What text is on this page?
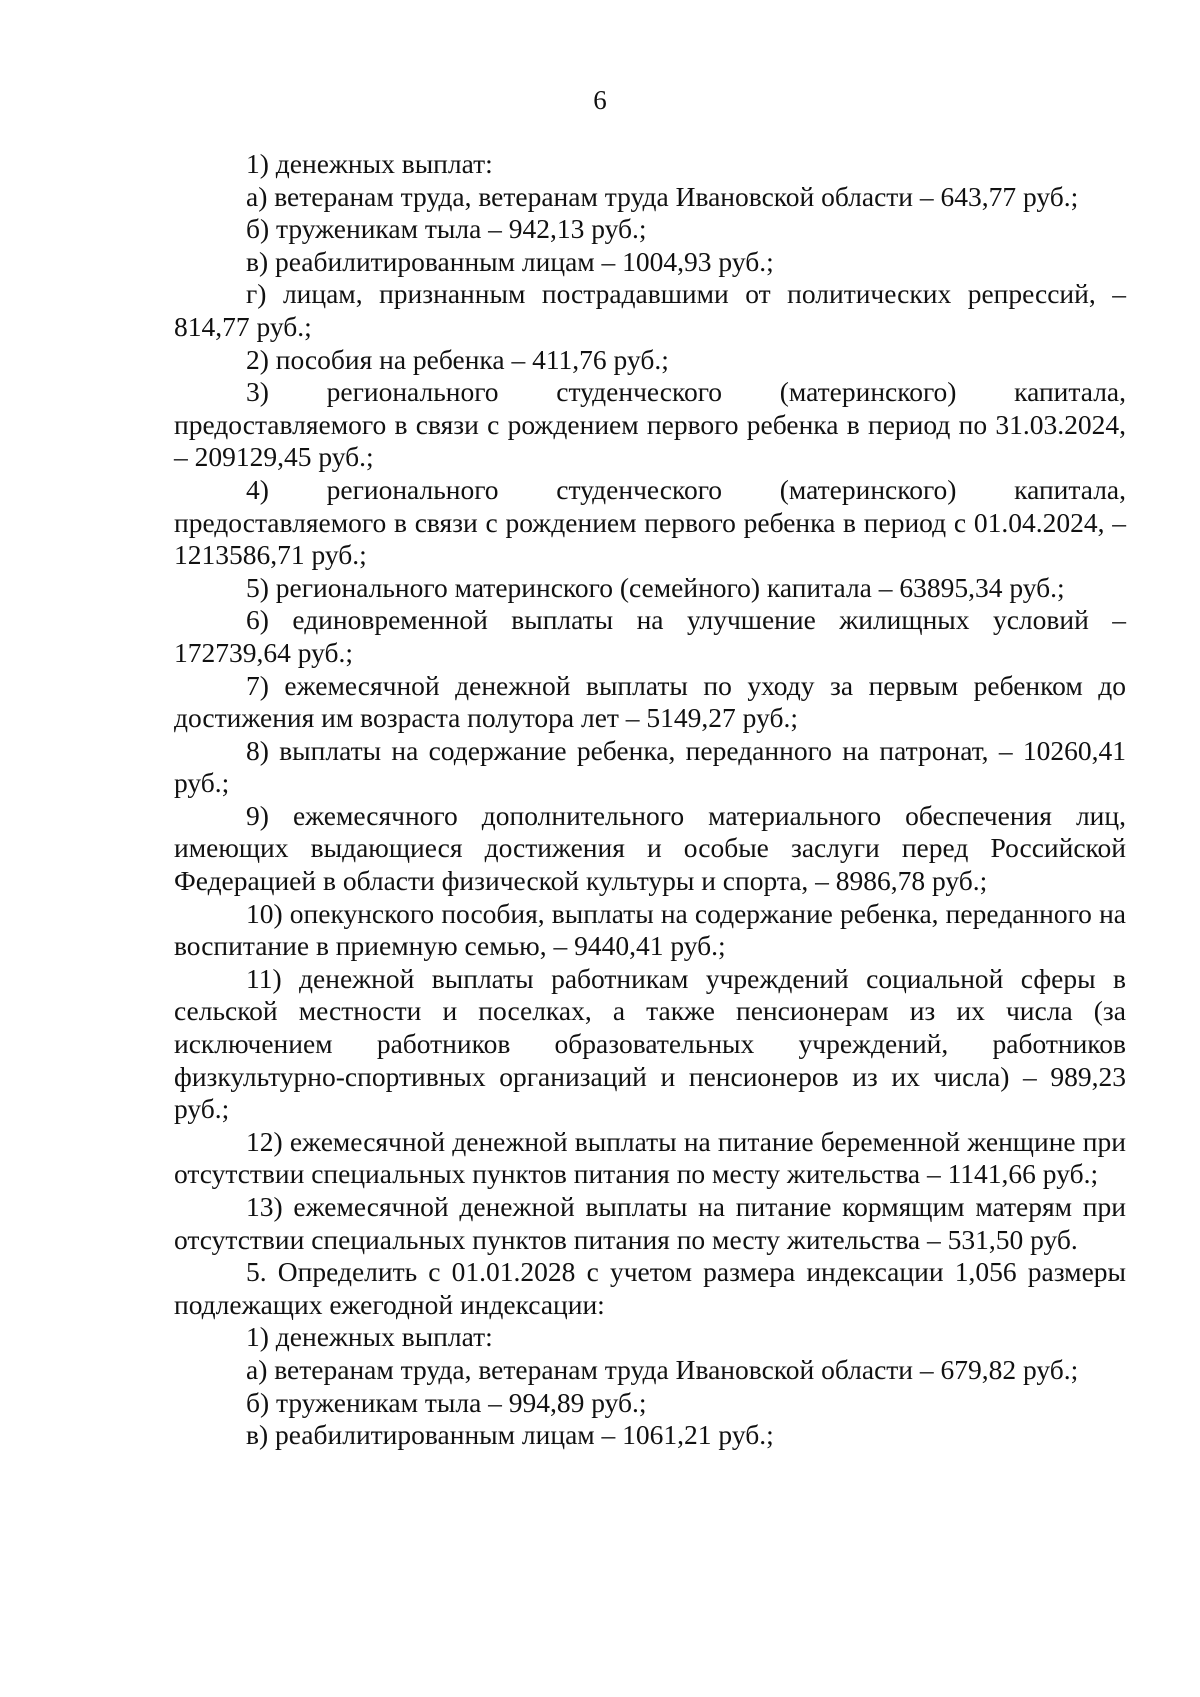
6

1) денежных выплат:

а) ветеранам труда, ветеранам труда Ивановской области – 643,77 руб.;

б) труженикам тыла – 942,13 руб.;

в) реабилитированным лицам – 1004,93 руб.;

г) лицам, признанным пострадавшими от политических репрессий, – 814,77 руб.;

2) пособия на ребенка – 411,76 руб.;

3) регионального студенческого (материнского) капитала, предоставляемого в связи с рождением первого ребенка в период по 31.03.2024, – 209129,45 руб.;

4) регионального студенческого (материнского) капитала, предоставляемого в связи с рождением первого ребенка в период с 01.04.2024, – 1213586,71 руб.;

5) регионального материнского (семейного) капитала – 63895,34 руб.;

6) единовременной выплаты на улучшение жилищных условий – 172739,64 руб.;

7) ежемесячной денежной выплаты по уходу за первым ребенком до достижения им возраста полутора лет – 5149,27 руб.;

8) выплаты на содержание ребенка, переданного на патронат, – 10260,41 руб.;

9) ежемесячного дополнительного материального обеспечения лиц, имеющих выдающиеся достижения и особые заслуги перед Российской Федерацией в области физической культуры и спорта, – 8986,78 руб.;

10) опекунского пособия, выплаты на содержание ребенка, переданного на воспитание в приемную семью, – 9440,41 руб.;

11) денежной выплаты работникам учреждений социальной сферы в сельской местности и поселках, а также пенсионерам из их числа (за исключением работников образовательных учреждений, работников физкультурно-спортивных организаций и пенсионеров из их числа) – 989,23 руб.;

12) ежемесячной денежной выплаты на питание беременной женщине при отсутствии специальных пунктов питания по месту жительства – 1141,66 руб.;

13) ежемесячной денежной выплаты на питание кормящим матерям при отсутствии специальных пунктов питания по месту жительства – 531,50 руб.

5. Определить с 01.01.2028 с учетом размера индексации 1,056 размеры подлежащих ежегодной индексации:

1) денежных выплат:

а) ветеранам труда, ветеранам труда Ивановской области – 679,82 руб.;

б) труженикам тыла – 994,89 руб.;

в) реабилитированным лицам – 1061,21 руб.;
